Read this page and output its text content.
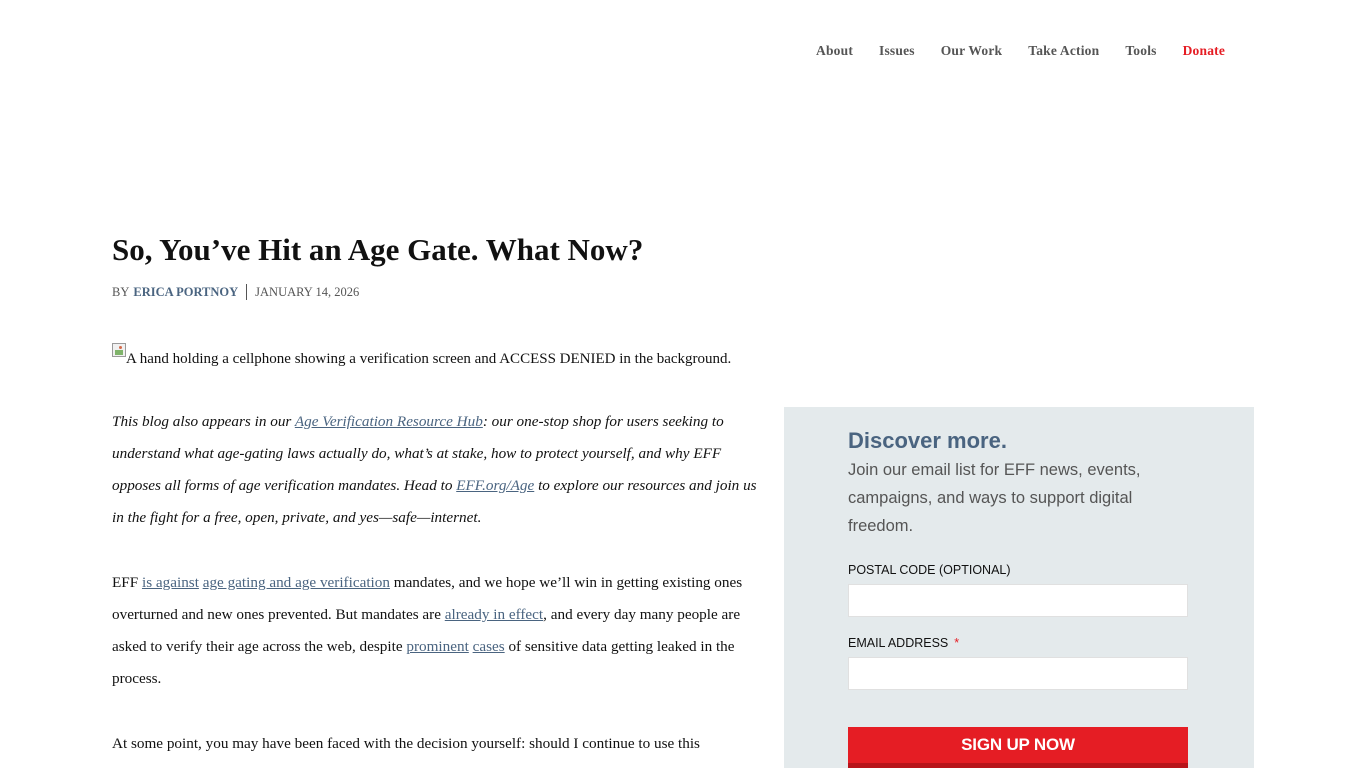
About Issues Our Work Take Action Tools Donate
So, You’ve Hit an Age Gate. What Now?
BY ERICA PORTNOY JANUARY 14, 2026
A hand holding a cellphone showing a verification screen and ACCESS DENIED in the background.

This blog also appears in our Age Verification Resource Hub: our one-stop shop for users seeking to understand what age-gating laws actually do, what’s at stake, how to protect yourself, and why EFF opposes all forms of age verification mandates. Head to EFF.org/Age to explore our resources and join us in the fight for a free, open, private, and yes—safe—internet.

EFF is against age gating and age verification mandates, and we hope we’ll win in getting existing ones overturned and new ones prevented. But mandates are already in effect, and every day many people are asked to verify their age across the web, despite prominent cases of sensitive data getting leaked in the process.

At some point, you may have been faced with the decision yourself: should I continue to use this

Discover more.

Join our email list for EFF news, events, campaigns, and ways to support digital freedom.

POSTAL CODE (OPTIONAL)

EMAIL ADDRESS *

SIGN UP NOW
